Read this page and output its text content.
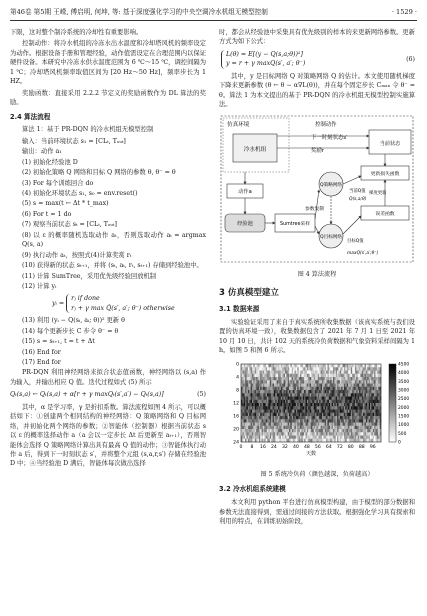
第46卷 第5期 王嵘, 傅启明, 何坤, 等: 基于深度强化学习的中央空调冷水机组无模型控制	· 1529 ·

下限，这对整个制冷系统的冷却性有重要影响。

控制动作：将冷水机组的冷冻水出水温度和冷却塔风机的频率设定为动作。根据设备手册和管理经验，动作值需设定在合理范围内以保证硬件设备。本研究中冷冻水供水温度范围为 6 ℃～15 ℃，调控间隔为 1 ℃；冷却塔风机频率取值区间为 [20 Hz～50 Hz]，频率步长为 1 HZ。

奖励函数：直接采用 2.2.2 节定义的奖励函数作为 DL 算法的奖励。

2.4 算法流程

算法 1：基于 PR-DQN 的冷水机组无模型控制

输入：当前环境状态 s₁ = [CLₜ, Tₒᵤₜ]

输出：动作 a₁

(1) 初始化经验池 D

(2) 初始化策略 Q 网络和目标 Q 网络的参数 θ, θ⁻ = θ

(3) For 每个训练回合 do

(4) 初始化环境状态 s₁, s₀ = env.reset()

(5) s = max(t ← Δt * t_max)

(6) For t = 1 do

(7) 观察当前状态 sₜ = [CLₜ, Tₒᵤₜ]

(8) 以 ε 的概率随机选取动作 aₜ，否则选取动作 aₜ = argmax Q(s, a)

(9) 执行动作 aₜ，按照式(4)计算奖赏 rₜ

(10) 获得新的状态 sₜ₊₁，并将 (sₜ, aₜ, rₜ, sₜ₊₁) 存储到经验池中。

(11) 计算 SumTree，采用优先级经验回放机制

(12) 计算 yᵢ

yᵢ =
rⱼ if done
rⱼ + γ max Q̂(s′, a′; θ⁻) otherwise

(13) 利用 (yᵢ − Q(sᵢ, aᵢ; θ))² 更新 θ

(14) 每个更新步长 C 步令 θ⁻ = θ

(15) s = sₜ₊₁, t = t + Δt

(16) End for

(17) End for

PR-DQN 利用神经网络来拟合状态值函数，神经网络以 (s,a) 作为输入，并输出相应 Q 值。迭代过程如式 (5) 所示

Qₜ(s,a) ← Qₜ(s,a) + α[r + γ maxQₜ(s′,a′) − Qₜ(s,a)]	(5)

其中，α 是学习率，γ 是折扣系数。算法流程如图 4 所示，可以概括如下：①创建两个相同结构的神经网络：Q 策略网络和 Q 目标网络，并初始化两个网络的参数；②智能体（控制器）根据当前状态 s 以 ε 的概率选择动作 a（a 会以一定步长 Δt 后更新至 aₜ₊₁），否则智能体会选择 Q 策略网络计算出具有最高 Q 值的动作；③智能体执行动作 a 后，得到下一时刻状态 s′，并将整个元组 (s,a,r,s′) 存储在经验池 D 中；④当经验池 D 满后，智能体每次做出选择

时，都会从经验池中采集具有优先级别的样本的来更新网络参数。更新方式为如下公式：

L(θ) = E[(y − Q(s,a;θ))²]
y = r + γ maxQ(s′, a′; θ⁻)
(6)

其中，y 是目标网络 Q 对策略网络 Q 的估计。本文使用随机梯度下降来更新参数 (θ ← θ − α∇L(θ))，并在每个固定步长 Cₘₐₓ 令 θ⁻ = θ。算法 1 为本文提出的基于 PR-DQN 的冷水机组无模型控制实施算法。

仿真环境
冷水机组
控制动作
下一时刻状态s′
奖励r
当前状态
动作a
经验池	Sumtree采样
Q策略网络
Q目标网络
参数复制
更新损失函数
误差函数
当前Q值
Q(s,a;θ)
目标Q值
maxQ(s′,a′;θ⁻)
梯度更新
图 4 算法流程
3 仿真模型建立
3.1 数据来源

实验验证采用了来自于真实系统所收集数据（该真实系统与我们设置的仿真环境一致），收集数据包含了 2021 年 7 月 1 日至 2021 年 10 月 10 日，共计 102 天的系统冷负荷数据和气象资料采样间隔为 1 h。如图 5 和图 6 所示。

0 8 16 24 32 40 48 56 64 72 80 88 96
0
4
8
12
16
20
24
天数
0
500
1000
1500
2000
2500
3000
3500
4000
4500
图 5 系统冷负荷（颜色越深，负荷越高）
3.2 冷水机组系统建模

本文利用 python 平台进行仿真模型构建，由于模型的部分数据和参数无法直接得到，需通过间接的方法获取。根据强化学习具有探索和利用的特点，在训练初始阶段，
